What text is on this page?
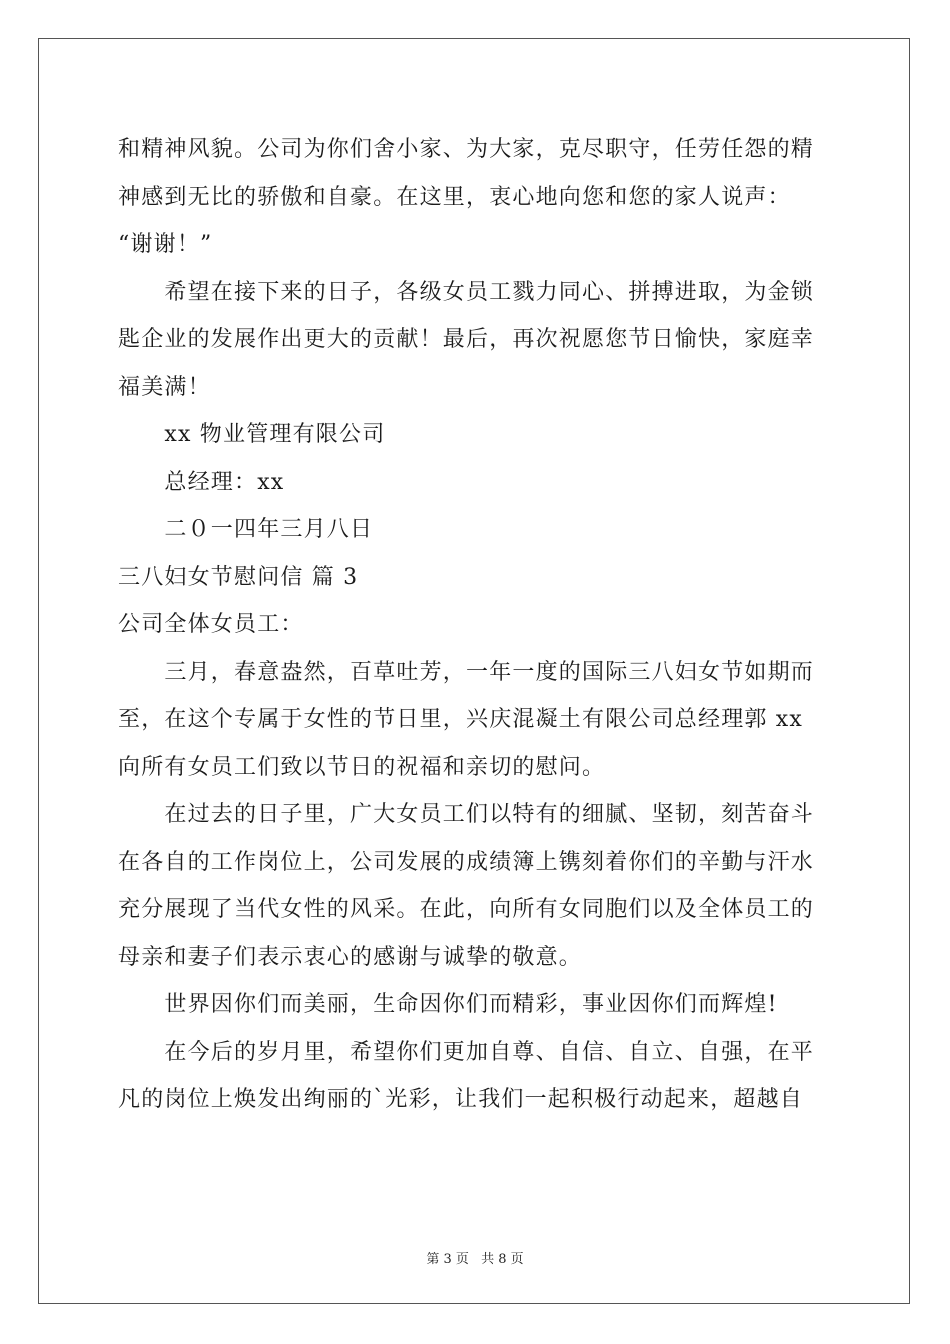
和精神风貌。公司为你们舍小家、为大家，克尽职守，任劳任怨的精
神感到无比的骄傲和自豪。在这里，衷心地向您和您的家人说声：
“谢谢！”
　　希望在接下来的日子，各级女员工戮力同心、拼搏进取，为金锁
匙企业的发展作出更大的贡献！最后，再次祝愿您节日愉快，家庭幸
福美满！
　　xx 物业管理有限公司
　　总经理：xx
　　二０一四年三月八日
三八妇女节慰问信 篇 3
公司全体女员工：
　　三月，春意盎然，百草吐芳，一年一度的国际三八妇女节如期而
至，在这个专属于女性的节日里，兴庆混凝土有限公司总经理郭 xx
向所有女员工们致以节日的祝福和亲切的慰问。
　　在过去的日子里，广大女员工们以特有的细腻、坚韧，刻苦奋斗
在各自的工作岗位上，公司发展的成绩簿上镌刻着你们的辛勤与汗水
充分展现了当代女性的风采。在此，向所有女同胞们以及全体员工的
母亲和妻子们表示衷心的感谢与诚挚的敬意。
　　世界因你们而美丽，生命因你们而精彩，事业因你们而辉煌!
　　在今后的岁月里，希望你们更加自尊、自信、自立、自强，在平
凡的岗位上焕发出绚丽的`光彩，让我们一起积极行动起来，超越自
第 3 页 共 8 页
